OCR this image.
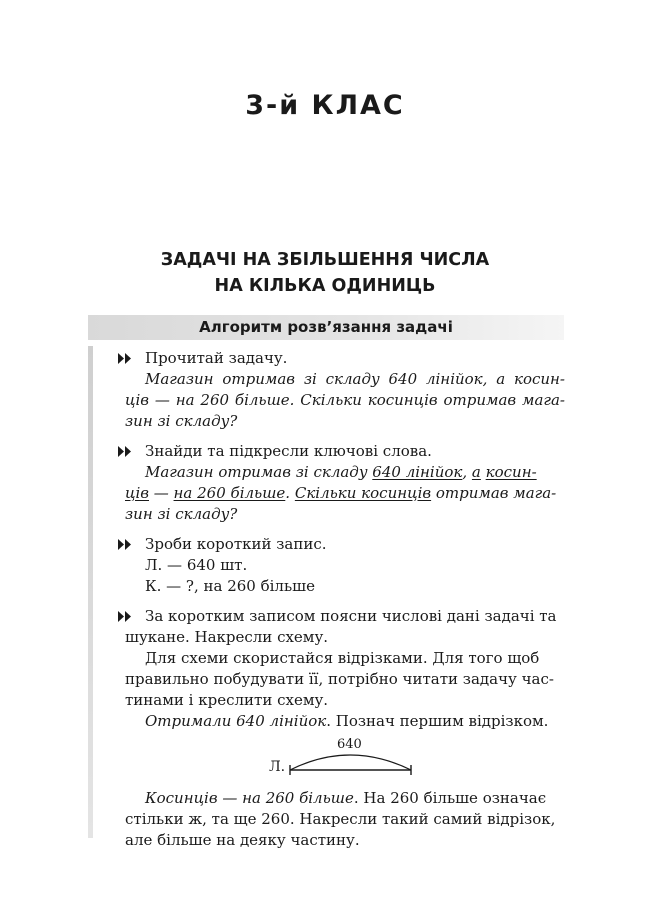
3-й КЛАС
ЗАДАЧІ НА ЗБІЛЬШЕННЯ ЧИСЛА
НА КІЛЬКА ОДИНИЦЬ
Алгоритм розв’язання задачі
Прочитай задачу.
Магазин отримав зі складу 640 лінійок, а косин-
ців — на 260 більше. Скільки косинців отримав мага-
зин зі складу?
Знайди та підкресли ключові слова.
Магазин отримав зі складу 640 лінійок, а косин-
ців — на 260 більше. Скільки косинців отримав мага-
зин зі складу?
Зроби короткий запис.
Л. — 640 шт.
К. — ?, на 260 більше
За коротким записом поясни числові дані задачі та
шукане. Накресли схему.
Для схеми скористайся відрізками. Для того щоб
правильно побудувати її, потрібно читати задачу час-
тинами і креслити схему.
Отримали 640 лінійок. Познач першим відрізком.
Л.
640
Косинців — на 260 більше. На 260 більше означає
стільки ж, та ще 260. Накресли такий самий відрізок,
але більше на деяку частину.
